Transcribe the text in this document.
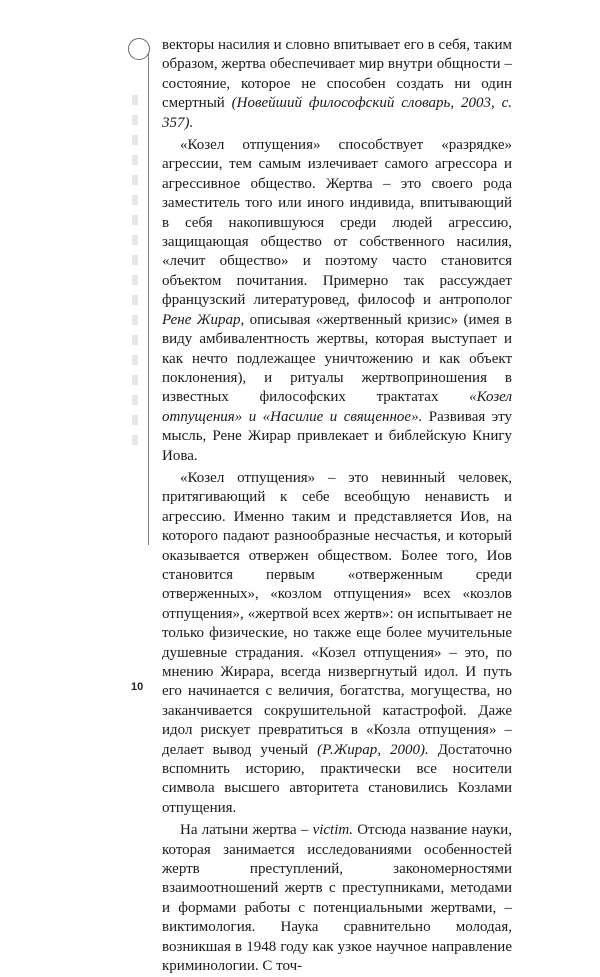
векторы насилия и словно впитывает его в себя, таким образом, жертва обеспечивает мир внутри общности – состояние, которое не способен создать ни один смертный (Новейший философский словарь, 2003, с. 357).

«Козел отпущения» способствует «разрядке» агрессии, тем самым излечивает самого агрессора и агрессивное общество. Жертва – это своего рода заместитель того или иного индивида, впитывающий в себя накопившуюся среди людей агрессию, защищающая общество от собственного насилия, «лечит общество» и поэтому часто становится объектом почитания. Примерно так рассуждает французский литературовед, философ и антрополог Рене Жирар, описывая «жертвенный кризис» (имея в виду амбивалентность жертвы, которая выступает и как нечто подлежащее уничтожению и как объект поклонения), и ритуалы жертвоприношения в известных философских трактатах «Козел отпущения» и «Насилие и священное». Развивая эту мысль, Рене Жирар привлекает и библейскую Книгу Иова.

«Козел отпущения» – это невинный человек, притягивающий к себе всеобщую ненависть и агрессию. Именно таким и представляется Иов, на которого падают разнообразные несчастья, и который оказывается отвержен обществом. Более того, Иов становится первым «отверженным среди отверженных», «козлом отпущения» всех «козлов отпущения», «жертвой всех жертв»: он испытывает не только физические, но также еще более мучительные душевные страдания. «Козел отпущения» – это, по мнению Жирара, всегда низвергнутый идол. И путь его начинается с величия, богатства, могущества, но заканчивается сокрушительной катастрофой. Даже идол рискует превратиться в «Козла отпущения» – делает вывод ученый (Р.Жирар, 2000). Достаточно вспомнить историю, практически все носители символа высшего авторитета становились Козлами отпущения.

На латыни жертва – victim. Отсюда название науки, которая занимается исследованиями особенностей жертв преступлений, закономерностями взаимоотношений жертв с преступниками, методами и формами работы с потенциальными жертвами, – виктимология. Наука сравнительно молодая, возникшая в 1948 году как узкое научное направление криминологии. С точ-

10
